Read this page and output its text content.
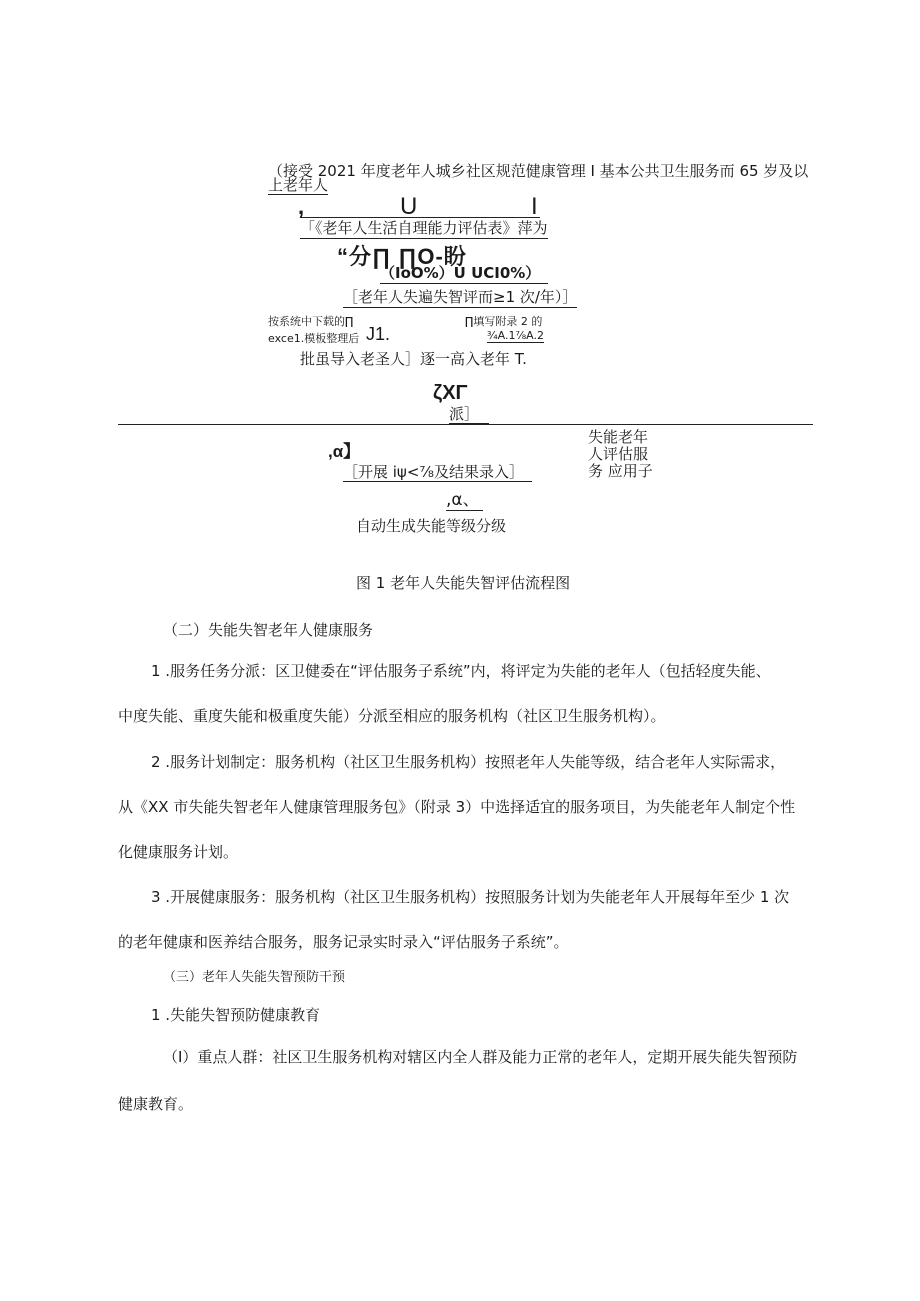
（接受 2021 年度老年人城乡社区规范健康管理 I 基本公共卫生服务而 65 岁及以
上老年人
,	U	I
「《老年人生活自理能力评估表》萍为
“分∏ ∏O-盼
（IoO%）U UCI0%）
［老年人失遍失智评而≥1 次/年）］
按系统中下载的∏	∏填写附录 2 的
exce1.模板整理后 J1.	¾A.1⅞A.2
批虽导入老圣人］逐一高入老年 T.
ζXΓ
派］
,α】
［开展 iψ<⅞及结果录入］
失能老年
人评估服
务 应用子
,α、
自动生成失能等级分级
图 1 老年人失能失智评估流程图
（二）失能失智老年人健康服务
1 .服务任务分派：区卫健委在“评估服务子系统”内，将评定为失能的老年人（包括轻度失能、
中度失能、重度失能和极重度失能）分派至相应的服务机构（社区卫生服务机构）。
2 .服务计划制定：服务机构（社区卫生服务机构）按照老年人失能等级，结合老年人实际需求，
从《XX 市失能失智老年人健康管理服务包》（附录 3）中选择适宜的服务项目，为失能老年人制定个性
化健康服务计划。
3 .开展健康服务：服务机构（社区卫生服务机构）按照服务计划为失能老年人开展每年至少 1 次
的老年健康和医养结合服务，服务记录实时录入“评估服务子系统”。
（三）老年人失能失智预防干预
1 .失能失智预防健康教育
（I）重点人群：社区卫生服务机构对辖区内全人群及能力正常的老年人，定期开展失能失智预防
健康教育。
